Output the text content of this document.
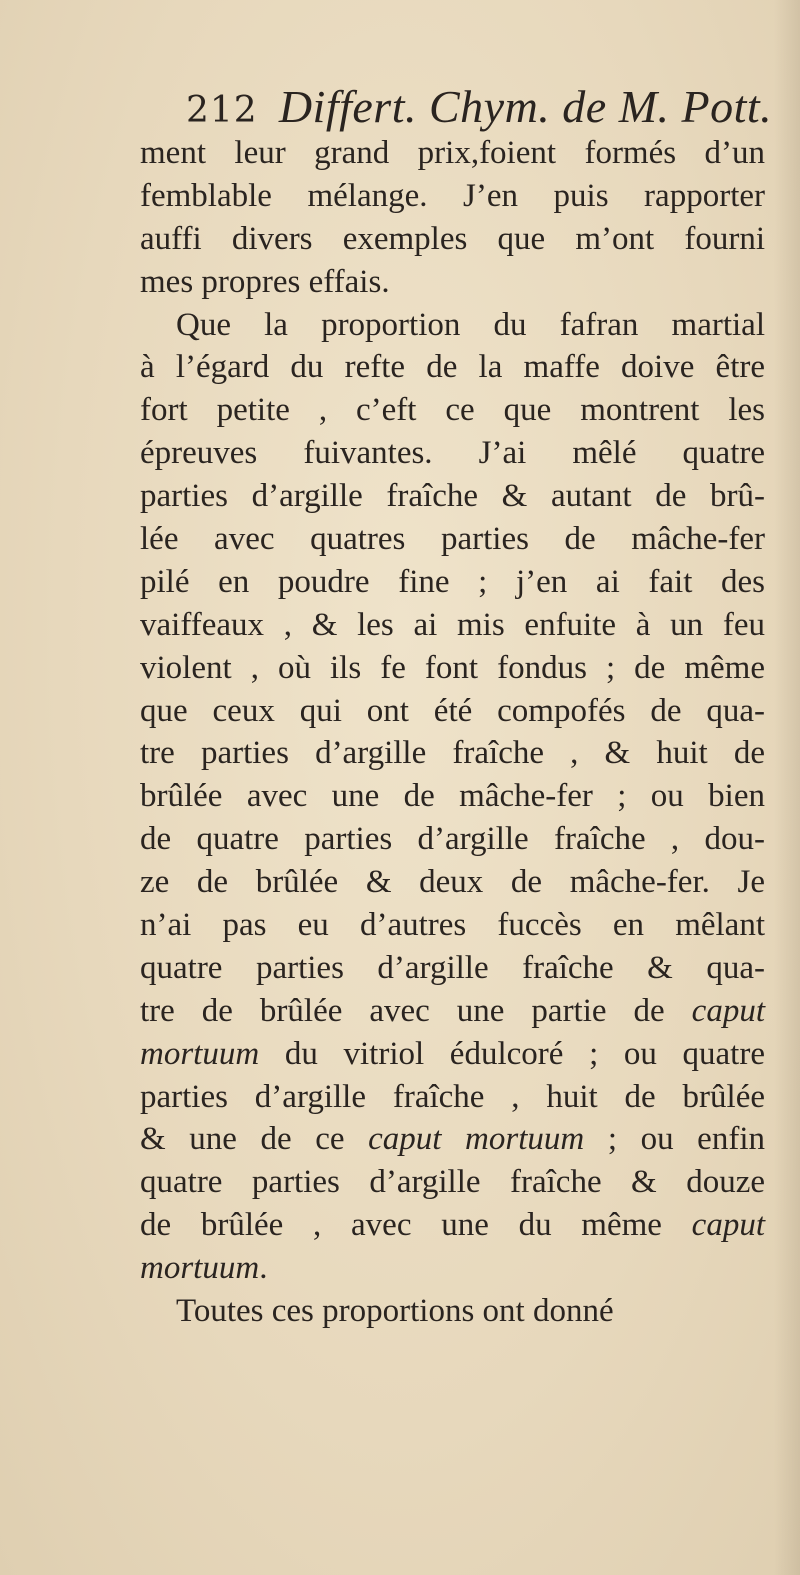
212 Differt. Chym. de M. Pott.
ment leur grand prix,foient formés d’un
femblable mélange. J’en puis rapporter
auffi divers exemples que m’ont fourni
mes propres effais.
Que la proportion du fafran martial
à l’égard du refte de la maffe doive être
fort petite , c’eft ce que montrent les
épreuves fuivantes. J’ai mêlé quatre
parties d’argille fraîche & autant de brû-
lée avec quatres parties de mâche-fer
pilé en poudre fine ; j’en ai fait des
vaiffeaux , & les ai mis enfuite à un feu
violent , où ils fe font fondus ; de même
que ceux qui ont été compofés de qua-
tre parties d’argille fraîche , & huit de
brûlée avec une de mâche-fer ; ou bien
de quatre parties d’argille fraîche , dou-
ze de brûlée & deux de mâche-fer. Je
n’ai pas eu d’autres fuccès en mêlant
quatre parties d’argille fraîche & qua-
tre de brûlée avec une partie de caput
mortuum du vitriol édulcoré ; ou quatre
parties d’argille fraîche , huit de brûlée
& une de ce caput mortuum ; ou enfin
quatre parties d’argille fraîche & douze
de brûlée , avec une du même caput
mortuum.
Toutes ces proportions ont donné
